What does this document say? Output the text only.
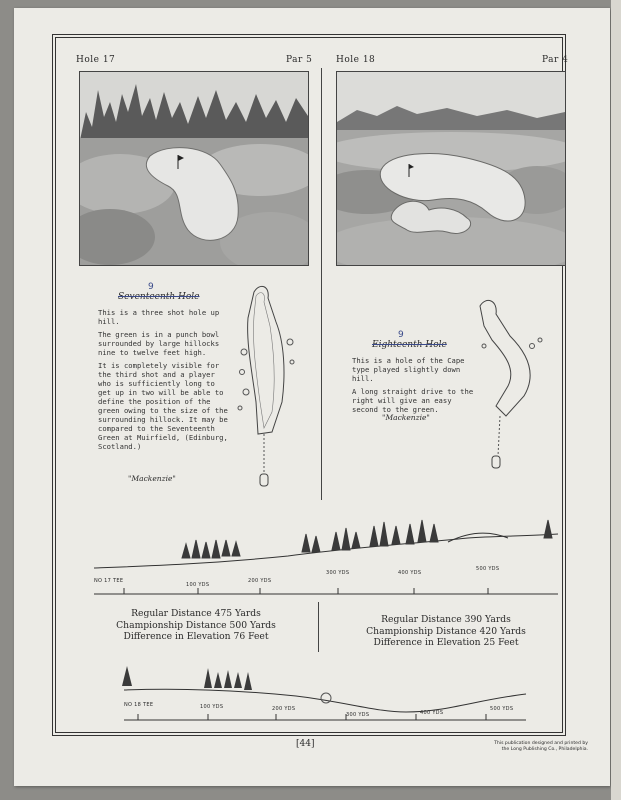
Hole 17	Par 5	Hole 18	Par 4
9
Seventeenth Hole

This is a three shot hole up hill.

The green is in a punch bowl surrounded by large hillocks nine to twelve feet high.

It is completely visible for the third shot and a player who is sufficiently long to get up in two will be able to define the position of the green owing to the size of the surrounding hillock. It may be compared to the Seventeenth Green at Muirfield, (Edinburg, Scotland.)

"Mackenzie"
9
Eighteenth Hole

This is a hole of the Cape type played slightly down hill.

A long straight drive to the right will give an easy second to the green.

"Mackenzie"
NO 17 TEE
100 YDS
200 YDS
300 YDS	400 YDS
500 YDS
Regular Distance 475 Yards
Championship Distance 500 Yards
Difference in Elevation 76 Feet
Regular Distance 390 Yards
Championship Distance 420 Yards
Difference in Elevation 25 Feet
NO 18 TEE	100 YDS	200 YDS
300 YDS	400 YDS
500 YDS
[44]	This publication designed and printed by
the Long Publishing Co., Philadelphia.
